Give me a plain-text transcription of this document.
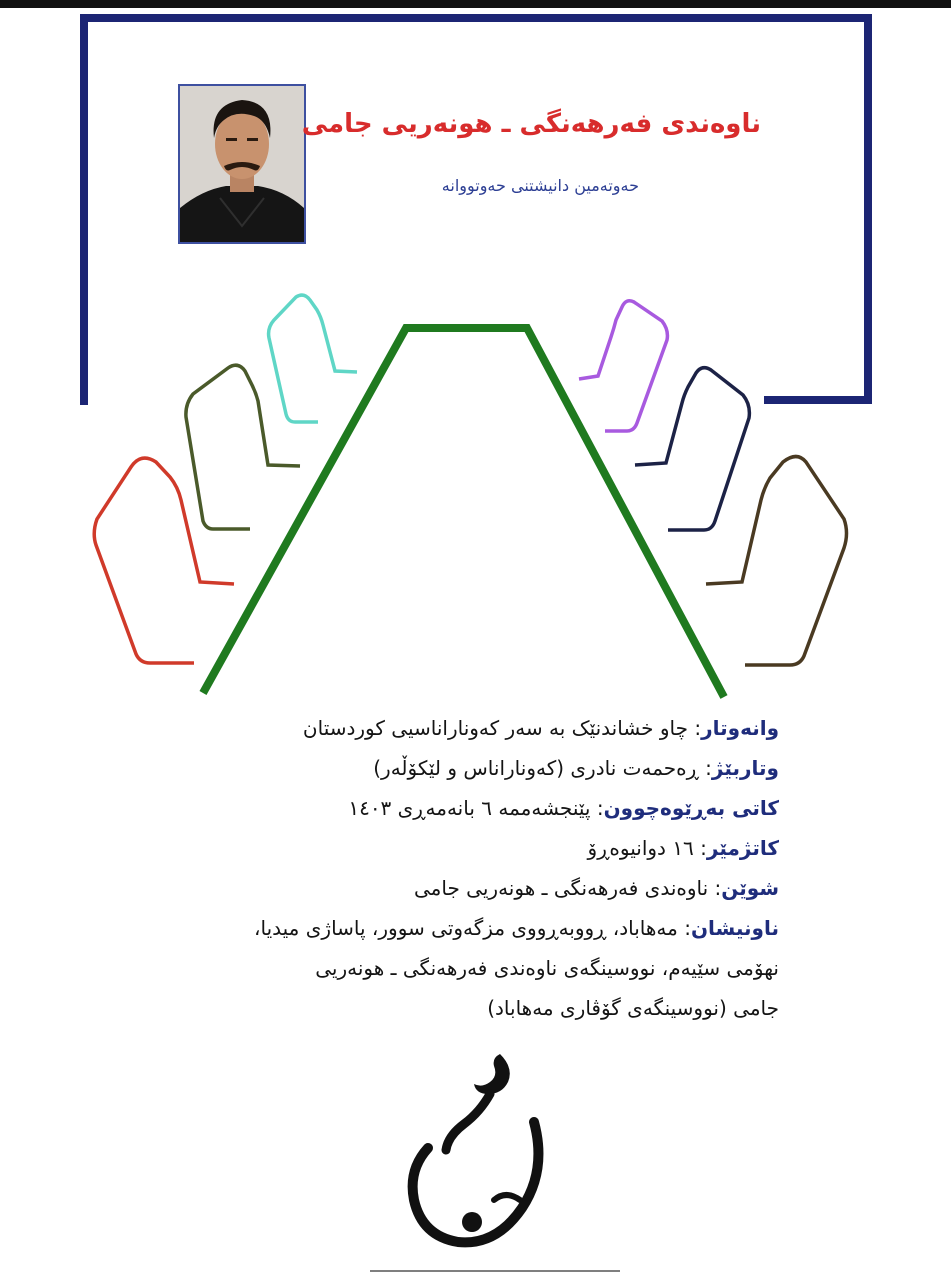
ناوەندی فەرهەنگی ـ هونەریی جامی
حەوتەمین دانیشتنی حەوتووانە
وانەوتار: چاو خشاندنێک بە سەر کەوناراناسیی کوردستان
وتاربێژ: ڕەحمەت نادری (کەوناراناس و لێکۆڵەر)
کاتی بەڕێوەچوون: پێنجشەممە ٦ بانەمەڕی ١٤٠٣
کاتژمێر: ١٦ دوانیوەڕۆ
شوێن: ناوەندی فەرهەنگی ـ هونەریی جامی
ناونیشان: مەهاباد، ڕووبەڕووی مزگەوتی سوور، پاساژی میدیا،
نهۆمی سێیەم، نووسینگەی ناوەندی فەرهەنگی ـ هونەریی
جامی (نووسینگەی گۆڤاری مەهاباد)
